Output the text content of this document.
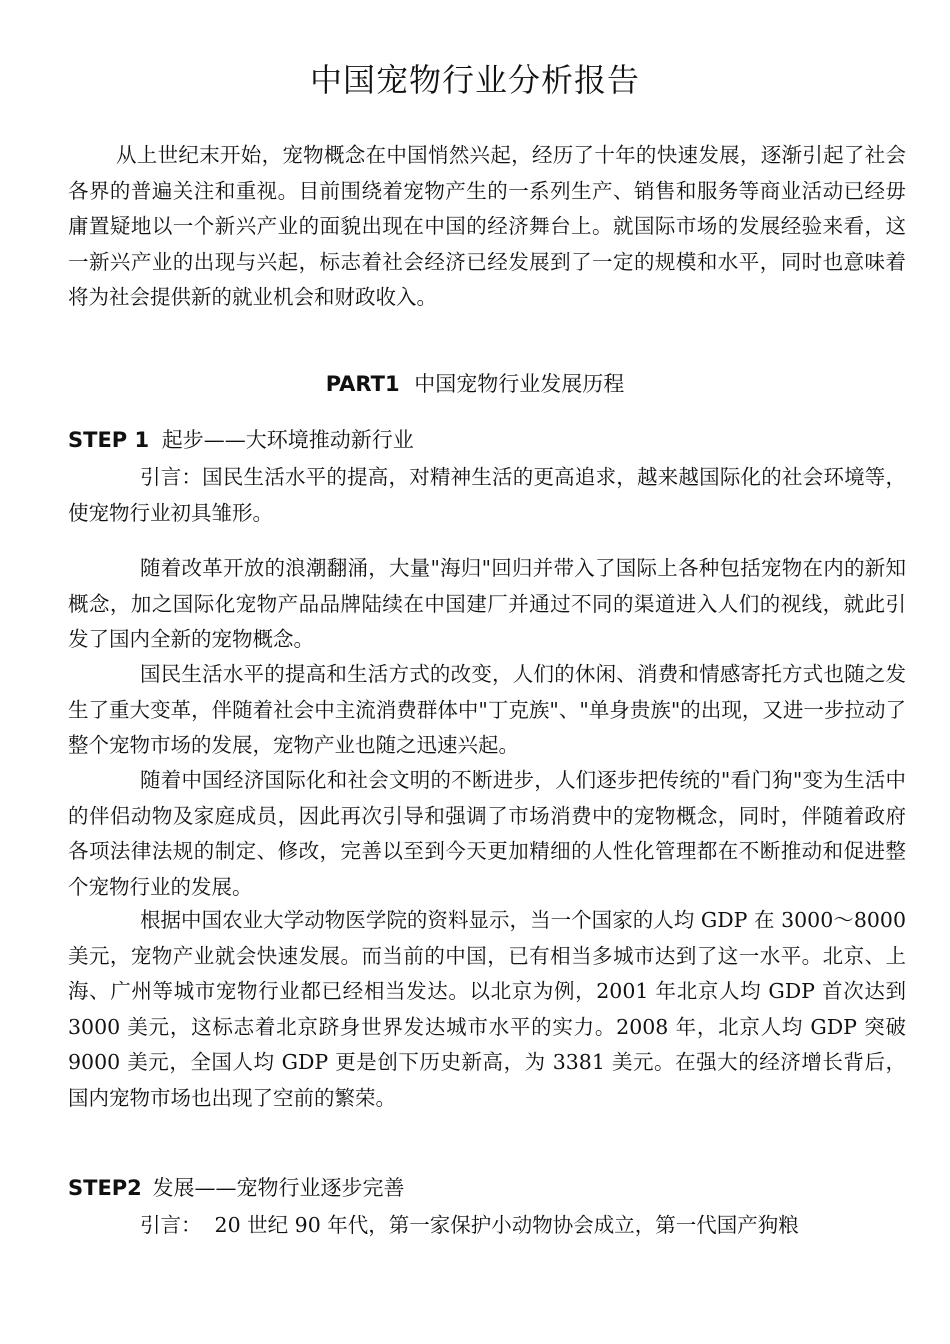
中国宠物行业分析报告

从上世纪末开始，宠物概念在中国悄然兴起，经历了十年的快速发展，逐渐引起了社会各界的普遍关注和重视。目前围绕着宠物产生的一系列生产、销售和服务等商业活动已经毋庸置疑地以一个新兴产业的面貌出现在中国的经济舞台上。就国际市场的发展经验来看，这一新兴产业的出现与兴起，标志着社会经济已经发展到了一定的规模和水平，同时也意味着将为社会提供新的就业机会和财政收入。

PART1 中国宠物行业发展历程
STEP 1 起步——大环境推动新行业

引言：国民生活水平的提高，对精神生活的更高追求，越来越国际化的社会环境等，使宠物行业初具雏形。

随着改革开放的浪潮翻涌，大量"海归"回归并带入了国际上各种包括宠物在内的新知概念，加之国际化宠物产品品牌陆续在中国建厂并通过不同的渠道进入人们的视线，就此引发了国内全新的宠物概念。

国民生活水平的提高和生活方式的改变，人们的休闲、消费和情感寄托方式也随之发生了重大变革，伴随着社会中主流消费群体中"丁克族"、"单身贵族"的出现，又进一步拉动了整个宠物市场的发展，宠物产业也随之迅速兴起。

随着中国经济国际化和社会文明的不断进步，人们逐步把传统的"看门狗"变为生活中的伴侣动物及家庭成员，因此再次引导和强调了市场消费中的宠物概念，同时，伴随着政府各项法律法规的制定、修改，完善以至到今天更加精细的人性化管理都在不断推动和促进整个宠物行业的发展。

根据中国农业大学动物医学院的资料显示，当一个国家的人均 GDP 在 3000～8000 美元，宠物产业就会快速发展。而当前的中国，已有相当多城市达到了这一水平。北京、上海、广州等城市宠物行业都已经相当发达。以北京为例，2001 年北京人均 GDP 首次达到 3000 美元，这标志着北京跻身世界发达城市水平的实力。2008 年，北京人均 GDP 突破 9000 美元，全国人均 GDP 更是创下历史新高，为 3381 美元。在强大的经济增长背后，国内宠物市场也出现了空前的繁荣。

STEP2 发展——宠物行业逐步完善

引言：  20 世纪 90 年代，第一家保护小动物协会成立，第一代国产狗粮
